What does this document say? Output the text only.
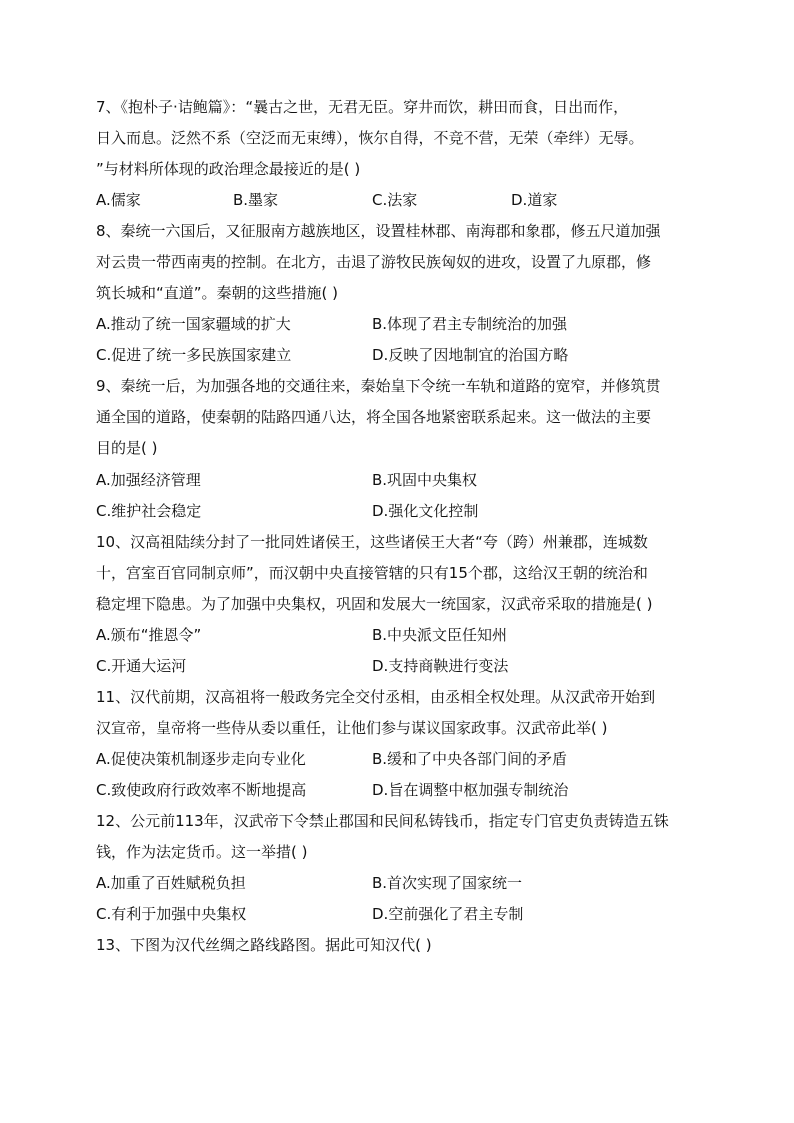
7、《抱朴子·诘鲍篇》：“曩古之世，无君无臣。穿井而饮，耕田而食，日出而作，
日入而息。泛然不系（空泛而无束缚），恢尔自得，不竞不营，无荣（牵绊）无辱。
”与材料所体现的政治理念最接近的是( )
A.儒家	B.墨家	C.法家	D.道家
8、秦统一六国后，又征服南方越族地区，设置桂林郡、南海郡和象郡，修五尺道加强
对云贵一带西南夷的控制。在北方，击退了游牧民族匈奴的进攻，设置了九原郡，修
筑长城和“直道”。秦朝的这些措施( )
A.推动了统一国家疆域的扩大	B.体现了君主专制统治的加强
C.促进了统一多民族国家建立	D.反映了因地制宜的治国方略
9、秦统一后，为加强各地的交通往来，秦始皇下令统一车轨和道路的宽窄，并修筑贯
通全国的道路，使秦朝的陆路四通八达，将全国各地紧密联系起来。这一做法的主要
目的是( )
A.加强经济管理	B.巩固中央集权
C.维护社会稳定	D.强化文化控制
10、汉高祖陆续分封了一批同姓诸侯王，这些诸侯王大者“夸（跨）州兼郡，连城数
十，宫室百官同制京师”，而汉朝中央直接管辖的只有15个郡，这给汉王朝的统治和
稳定埋下隐患。为了加强中央集权，巩固和发展大一统国家，汉武帝采取的措施是( )
A.颁布“推恩令”	B.中央派文臣任知州
C.开通大运河	D.支持商鞅进行变法
11、汉代前期，汉高祖将一般政务完全交付丞相，由丞相全权处理。从汉武帝开始到
汉宣帝，皇帝将一些侍从委以重任，让他们参与谋议国家政事。汉武帝此举( )
A.促使决策机制逐步走向专业化	B.缓和了中央各部门间的矛盾
C.致使政府行政效率不断地提高	D.旨在调整中枢加强专制统治
12、公元前113年，汉武帝下令禁止郡国和民间私铸钱币，指定专门官吏负责铸造五铢
钱，作为法定货币。这一举措( )
A.加重了百姓赋税负担	B.首次实现了国家统一
C.有利于加强中央集权	D.空前强化了君主专制
13、下图为汉代丝绸之路线路图。据此可知汉代( )
